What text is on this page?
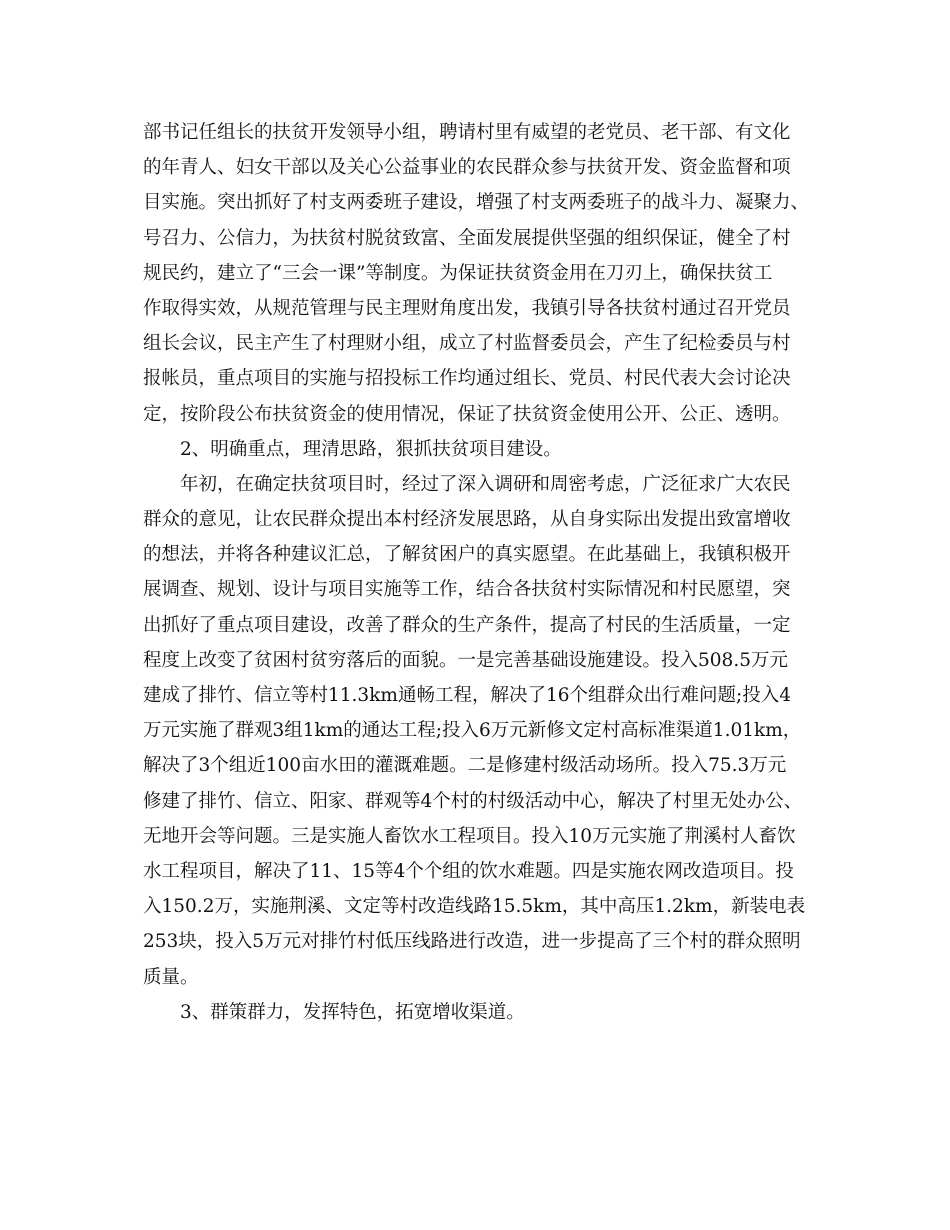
部书记任组长的扶贫开发领导小组，聘请村里有威望的老党员、老干部、有文化
的年青人、妇女干部以及关心公益事业的农民群众参与扶贫开发、资金监督和项
目实施。突出抓好了村支两委班子建设，增强了村支两委班子的战斗力、凝聚力、
号召力、公信力，为扶贫村脱贫致富、全面发展提供坚强的组织保证，健全了村
规民约，建立了“三会一课”等制度。为保证扶贫资金用在刀刃上，确保扶贫工
作取得实效，从规范管理与民主理财角度出发，我镇引导各扶贫村通过召开党员
组长会议，民主产生了村理财小组，成立了村监督委员会，产生了纪检委员与村
报帐员，重点项目的实施与招投标工作均通过组长、党员、村民代表大会讨论决
定，按阶段公布扶贫资金的使用情况，保证了扶贫资金使用公开、公正、透明。
2、明确重点，理清思路，狠抓扶贫项目建设。
年初，在确定扶贫项目时，经过了深入调研和周密考虑，广泛征求广大农民
群众的意见，让农民群众提出本村经济发展思路，从自身实际出发提出致富增收
的想法，并将各种建议汇总，了解贫困户的真实愿望。在此基础上，我镇积极开
展调查、规划、设计与项目实施等工作，结合各扶贫村实际情况和村民愿望，突
出抓好了重点项目建设，改善了群众的生产条件，提高了村民的生活质量，一定
程度上改变了贫困村贫穷落后的面貌。一是完善基础设施建设。投入508.5万元
建成了排竹、信立等村11.3km通畅工程，解决了16个组群众出行难问题;投入4
万元实施了群观3组1km的通达工程;投入6万元新修文定村高标准渠道1.01km，
解决了3个组近100亩水田的灌溉难题。二是修建村级活动场所。投入75.3万元
修建了排竹、信立、阳家、群观等4个村的村级活动中心，解决了村里无处办公、
无地开会等问题。三是实施人畜饮水工程项目。投入10万元实施了荆溪村人畜饮
水工程项目，解决了11、15等4个个组的饮水难题。四是实施农网改造项目。投
入150.2万，实施荆溪、文定等村改造线路15.5km，其中高压1.2km，新装电表
253块，投入5万元对排竹村低压线路进行改造，进一步提高了三个村的群众照明
质量。
3、群策群力，发挥特色，拓宽增收渠道。
